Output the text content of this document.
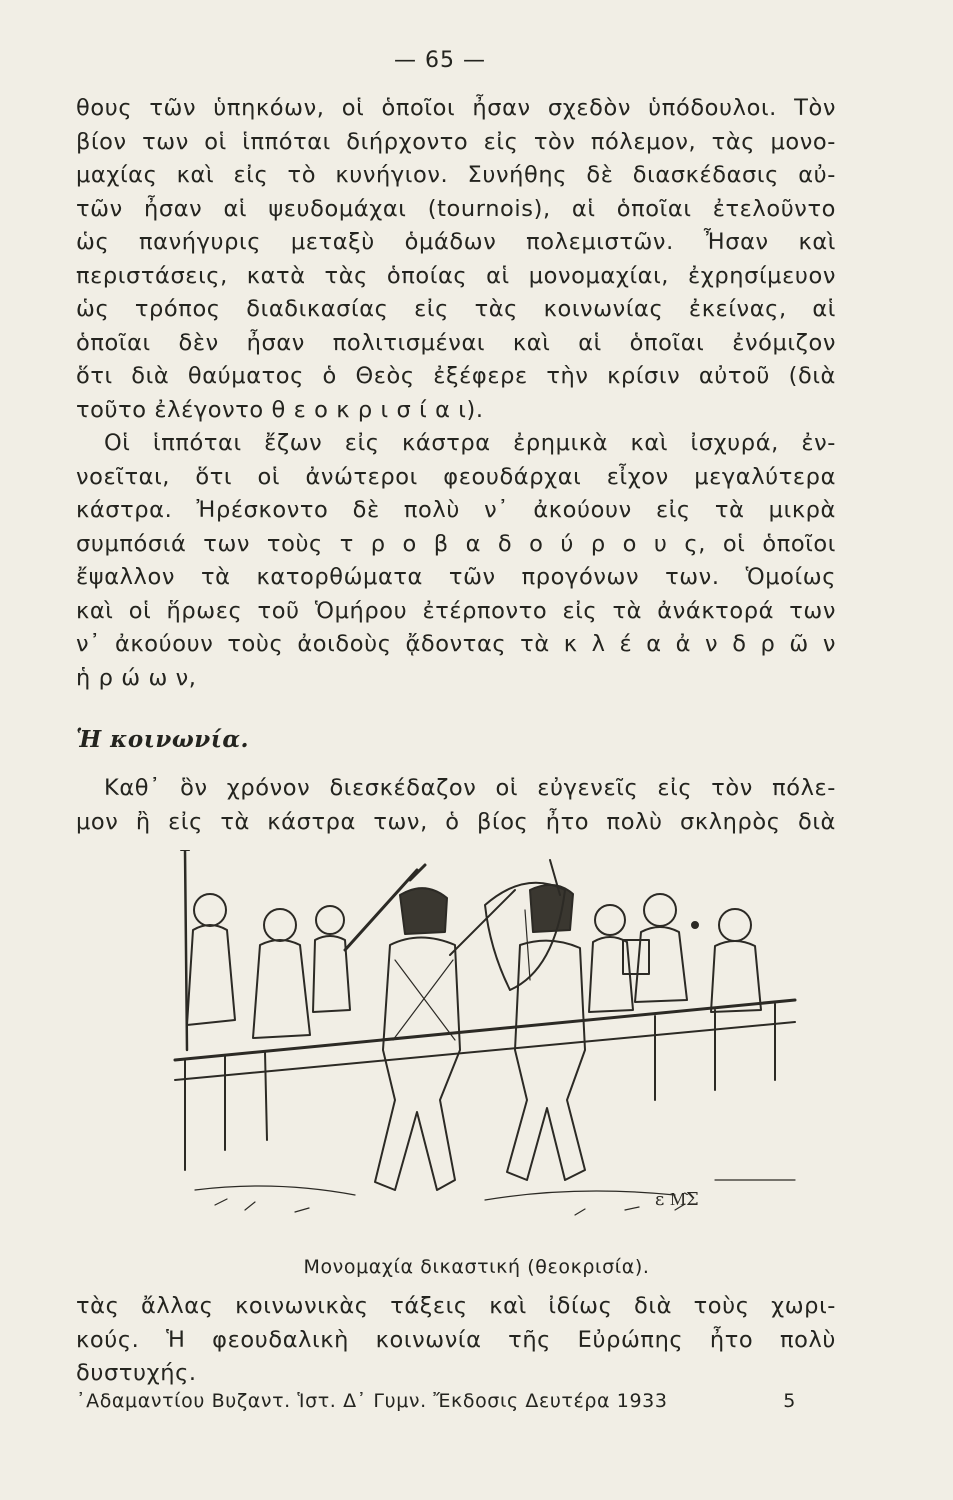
— 65 —
θους τῶν ὑπηκόων, οἱ ὁποῖοι ἦσαν σχεδὸν ὑπόδουλοι. Τὸν
βίον των οἱ ἱππόται διήρχοντο εἰς τὸν πόλεμον, τὰς μονο-
μαχίας καὶ εἰς τὸ κυνήγιον. Συνήθης δὲ διασκέδασις αὐ-
τῶν ἦσαν αἱ ψευδομάχαι (tournois), αἱ ὁποῖαι ἐτελοῦντο
ὡς πανήγυρις μεταξὺ ὁμάδων πολεμιστῶν. Ἦσαν καὶ
περιστάσεις, κατὰ τὰς ὁποίας αἱ μονομαχίαι, ἐχρησίμευον
ὡς τρόπος διαδικασίας εἰς τὰς κοινωνίας ἐκείνας, αἱ
ὁποῖαι δὲν ἦσαν πολιτισμέναι καὶ αἱ ὁποῖαι ἐνόμιζον
ὅτι διὰ θαύματος ὁ Θεὸς ἐξέφερε τὴν κρίσιν αὐτοῦ (διὰ
τοῦτο ἐλέγοντο θ ε ο κ ρ ι σ ί α ι).
Οἱ ἱππόται ἔζων εἰς κάστρα ἐρημικὰ καὶ ἰσχυρά, ἐν-
νοεῖται, ὅτι οἱ ἀνώτεροι φεουδάρχαι εἶχον μεγαλύτερα
κάστρα. Ἠρέσκοντο δὲ πολὺ ν᾽ ἀκούουν εἰς τὰ μικρὰ
συμπόσιά των τοὺς τ ρ ο β α δ ο ύ ρ ο υ ς, οἱ ὁποῖοι
ἔψαλλον τὰ κατορθώματα τῶν προγόνων των. Ὁμοίως
καὶ οἱ ἥρωες τοῦ Ὁμήρου ἐτέρποντο εἰς τὰ ἀνάκτορά των
ν᾽ ἀκούουν τοὺς ἀοιδοὺς ᾄδοντας τὰ κ λ έ α ἀ ν δ ρ ῶ ν
ἡ ρ ώ ω ν,
Ἡ κοινωνία.
Καθ᾽ ὃν χρόνον διεσκέδαζον οἱ εὐγενεῖς εἰς τὸν πόλε-
μον ἢ εἰς τὰ κάστρα των, ὁ βίος ἦτο πολὺ σκληρὸς διὰ
ε Μ͂Σ
Μονομαχία δικαστική (θεοκρισία).
τὰς ἄλλας κοινωνικὰς τάξεις καὶ ἰδίως διὰ τοὺς χωρι-
κούς. Ἡ φεουδαλικὴ κοινωνία τῆς Εὐρώπης ἦτο πολὺ
δυστυχής.
᾽Αδαμαντίου Βυζαντ. Ἱστ. Δ᾽ Γυμν. Ἔκδοσις Δευτέρα 1933	5
